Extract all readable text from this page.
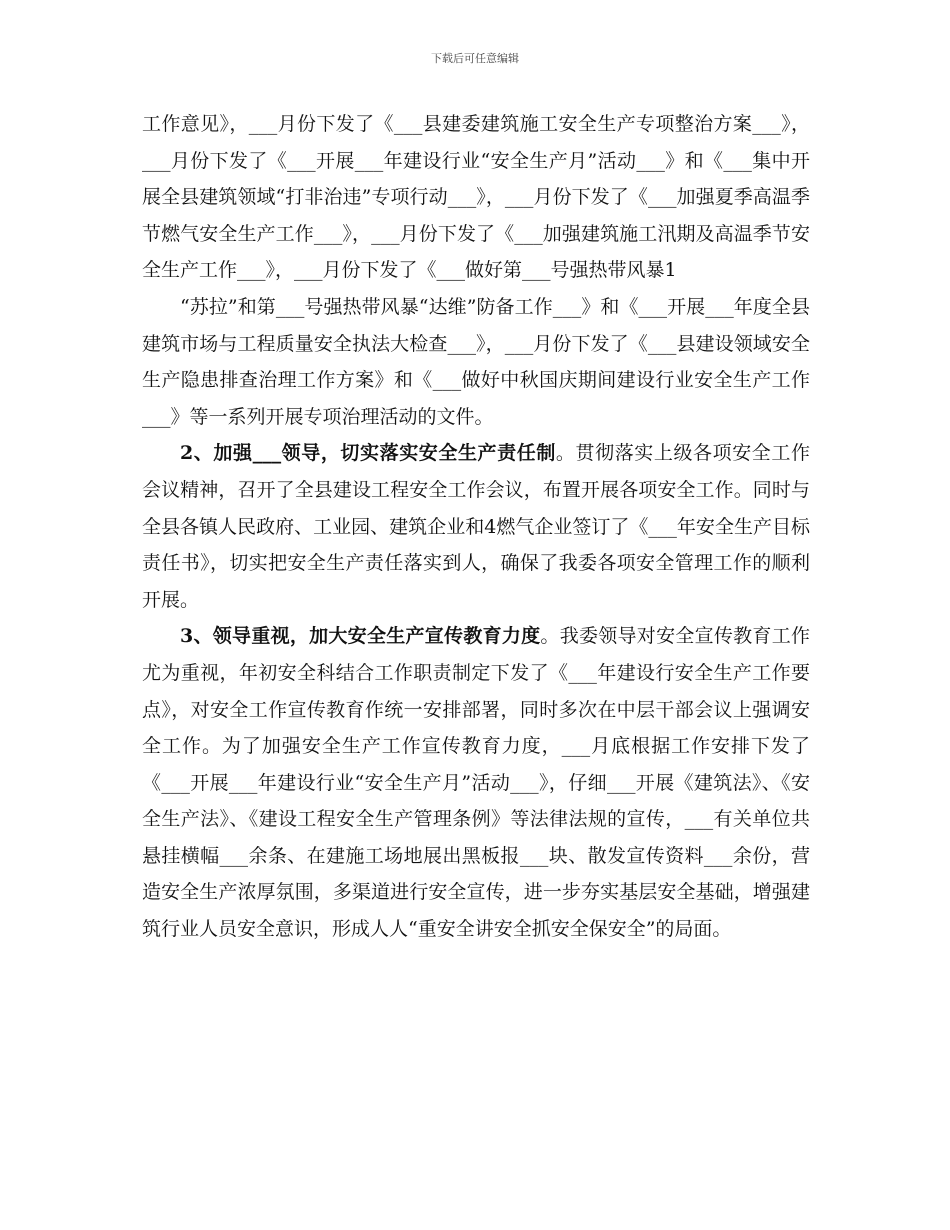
下载后可任意编辑

工作意见》，___月份下发了《___县建委建筑施工安全生产专项整治方案___》，___月份下发了《___开展___年建设行业“安全生产月”活动___》和《___集中开展全县建筑领域“打非治违”专项行动___》，___月份下发了《___加强夏季高温季节燃气安全生产工作___》，___月份下发了《___加强建筑施工汛期及高温季节安全生产工作___》，___月份下发了《___做好第___号强热带风暴1

“苏拉”和第___号强热带风暴“达维”防备工作___》和《___开展___年度全县建筑市场与工程质量安全执法大检查___》，___月份下发了《___县建设领域安全生产隐患排查治理工作方案》和《___做好中秋国庆期间建设行业安全生产工作___》等一系列开展专项治理活动的文件。

2、加强___领导，切实落实安全生产责任制。贯彻落实上级各项安全工作会议精神，召开了全县建设工程安全工作会议，布置开展各项安全工作。同时与全县各镇人民政府、工业园、建筑企业和4燃气企业签订了《___年安全生产目标责任书》，切实把安全生产责任落实到人，确保了我委各项安全管理工作的顺利开展。

3、领导重视，加大安全生产宣传教育力度。我委领导对安全宣传教育工作尤为重视，年初安全科结合工作职责制定下发了《___年建设行安全生产工作要点》，对安全工作宣传教育作统一安排部署，同时多次在中层干部会议上强调安全工作。为了加强安全生产工作宣传教育力度，___月底根据工作安排下发了《___开展___年建设行业“安全生产月”活动___》，仔细___开展《建筑法》、《安全生产法》、《建设工程安全生产管理条例》等法律法规的宣传，___有关单位共悬挂横幅___余条、在建施工场地展出黑板报___块、散发宣传资料___余份，营造安全生产浓厚氛围，多渠道进行安全宣传，进一步夯实基层安全基础，增强建筑行业人员安全意识，形成人人“重安全讲安全抓安全保安全”的局面。
